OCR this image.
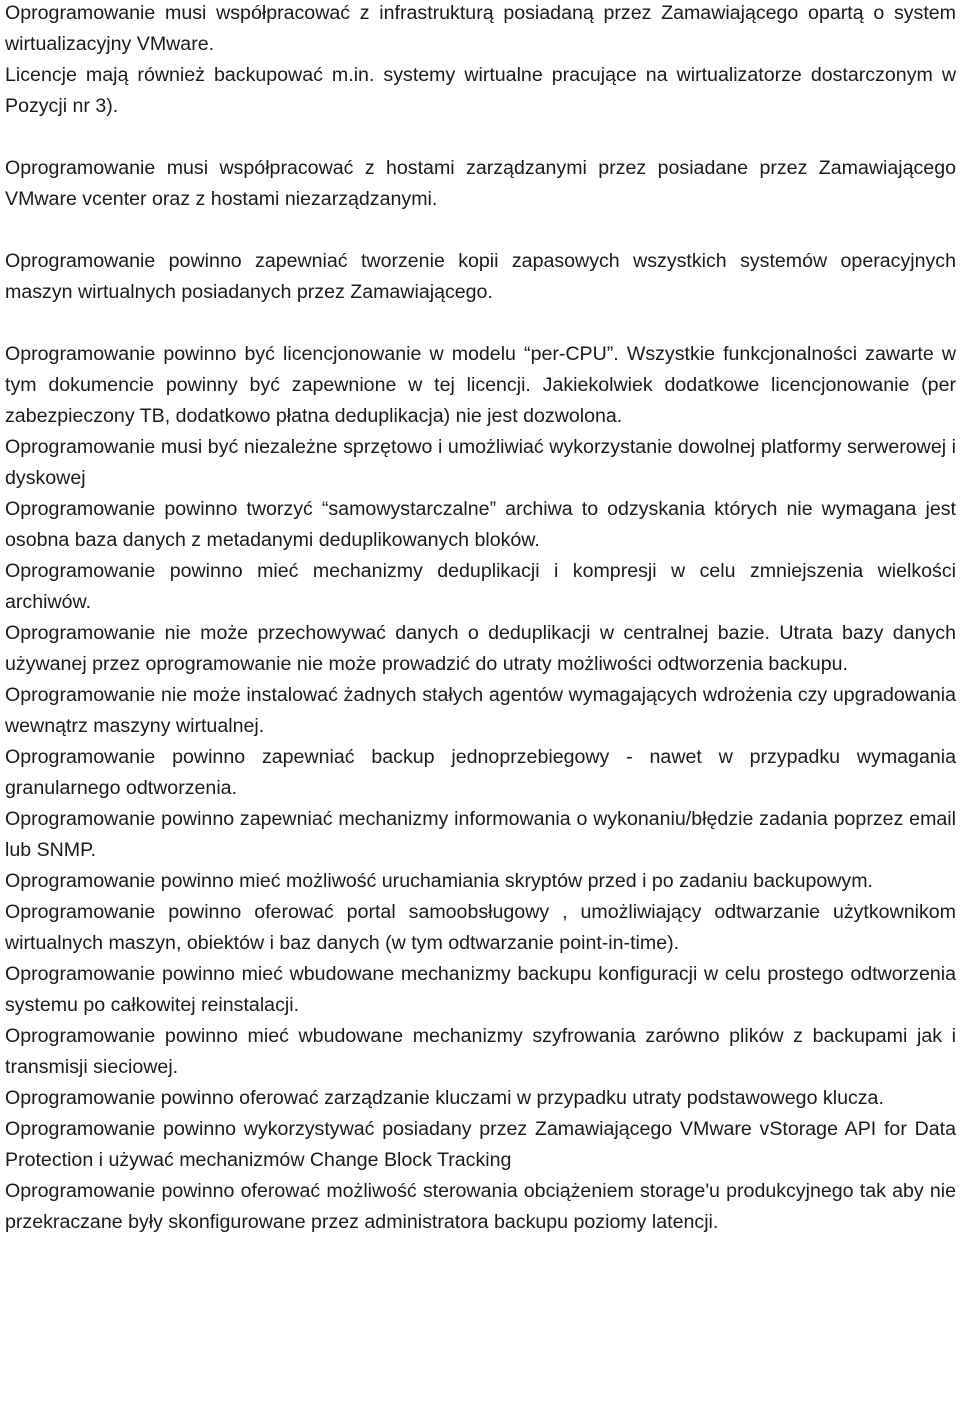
Oprogramowanie musi współpracować z infrastrukturą posiadaną przez Zamawiającego opartą o system wirtualizacyjny VMware.

Licencje mają również backupować m.in. systemy wirtualne pracujące na wirtualizatorze dostarczonym w Pozycji nr 3).

Oprogramowanie musi współpracować z hostami zarządzanymi przez posiadane przez Zamawiającego VMware vcenter oraz z hostami niezarządzanymi.

Oprogramowanie powinno zapewniać tworzenie kopii zapasowych wszystkich systemów operacyjnych maszyn wirtualnych posiadanych przez Zamawiającego.

Oprogramowanie powinno być licencjonowanie w modelu “per-CPU”. Wszystkie funkcjonalności zawarte w tym dokumencie powinny być zapewnione w tej licencji. Jakiekolwiek dodatkowe licencjonowanie (per zabezpieczony TB, dodatkowo płatna deduplikacja) nie jest dozwolona.

Oprogramowanie musi być niezależne sprzętowo i umożliwiać wykorzystanie dowolnej platformy serwerowej i dyskowej

Oprogramowanie powinno tworzyć “samowystarczalne” archiwa to odzyskania których nie wymagana jest osobna baza danych z metadanymi deduplikowanych bloków.

Oprogramowanie powinno mieć mechanizmy deduplikacji i kompresji w celu zmniejszenia wielkości archiwów.

Oprogramowanie nie może przechowywać danych o deduplikacji w centralnej bazie. Utrata bazy danych używanej przez oprogramowanie nie może prowadzić do utraty możliwości odtworzenia backupu.

Oprogramowanie nie może instalować żadnych stałych agentów wymagających wdrożenia czy upgradowania wewnątrz maszyny wirtualnej.

Oprogramowanie powinno zapewniać backup jednoprzebiegowy - nawet w przypadku wymagania granularnego odtworzenia.

Oprogramowanie powinno zapewniać mechanizmy informowania o wykonaniu/błędzie zadania poprzez email lub SNMP.

Oprogramowanie powinno mieć możliwość uruchamiania skryptów przed i po zadaniu backupowym.

Oprogramowanie powinno oferować portal samoobsługowy , umożliwiający odtwarzanie użytkownikom wirtualnych maszyn, obiektów i baz danych (w tym odtwarzanie point-in-time).

Oprogramowanie powinno mieć wbudowane mechanizmy backupu konfiguracji w celu prostego odtworzenia systemu po całkowitej reinstalacji.

Oprogramowanie powinno mieć wbudowane mechanizmy szyfrowania zarówno plików z backupami jak i transmisji sieciowej.

Oprogramowanie powinno oferować zarządzanie kluczami w przypadku utraty podstawowego klucza.

Oprogramowanie powinno wykorzystywać posiadany przez Zamawiającego VMware vStorage API for Data Protection i używać mechanizmów Change Block Tracking

Oprogramowanie powinno oferować możliwość sterowania obciążeniem storage'u produkcyjnego tak aby nie przekraczane były skonfigurowane przez administratora backupu poziomy latencji.
